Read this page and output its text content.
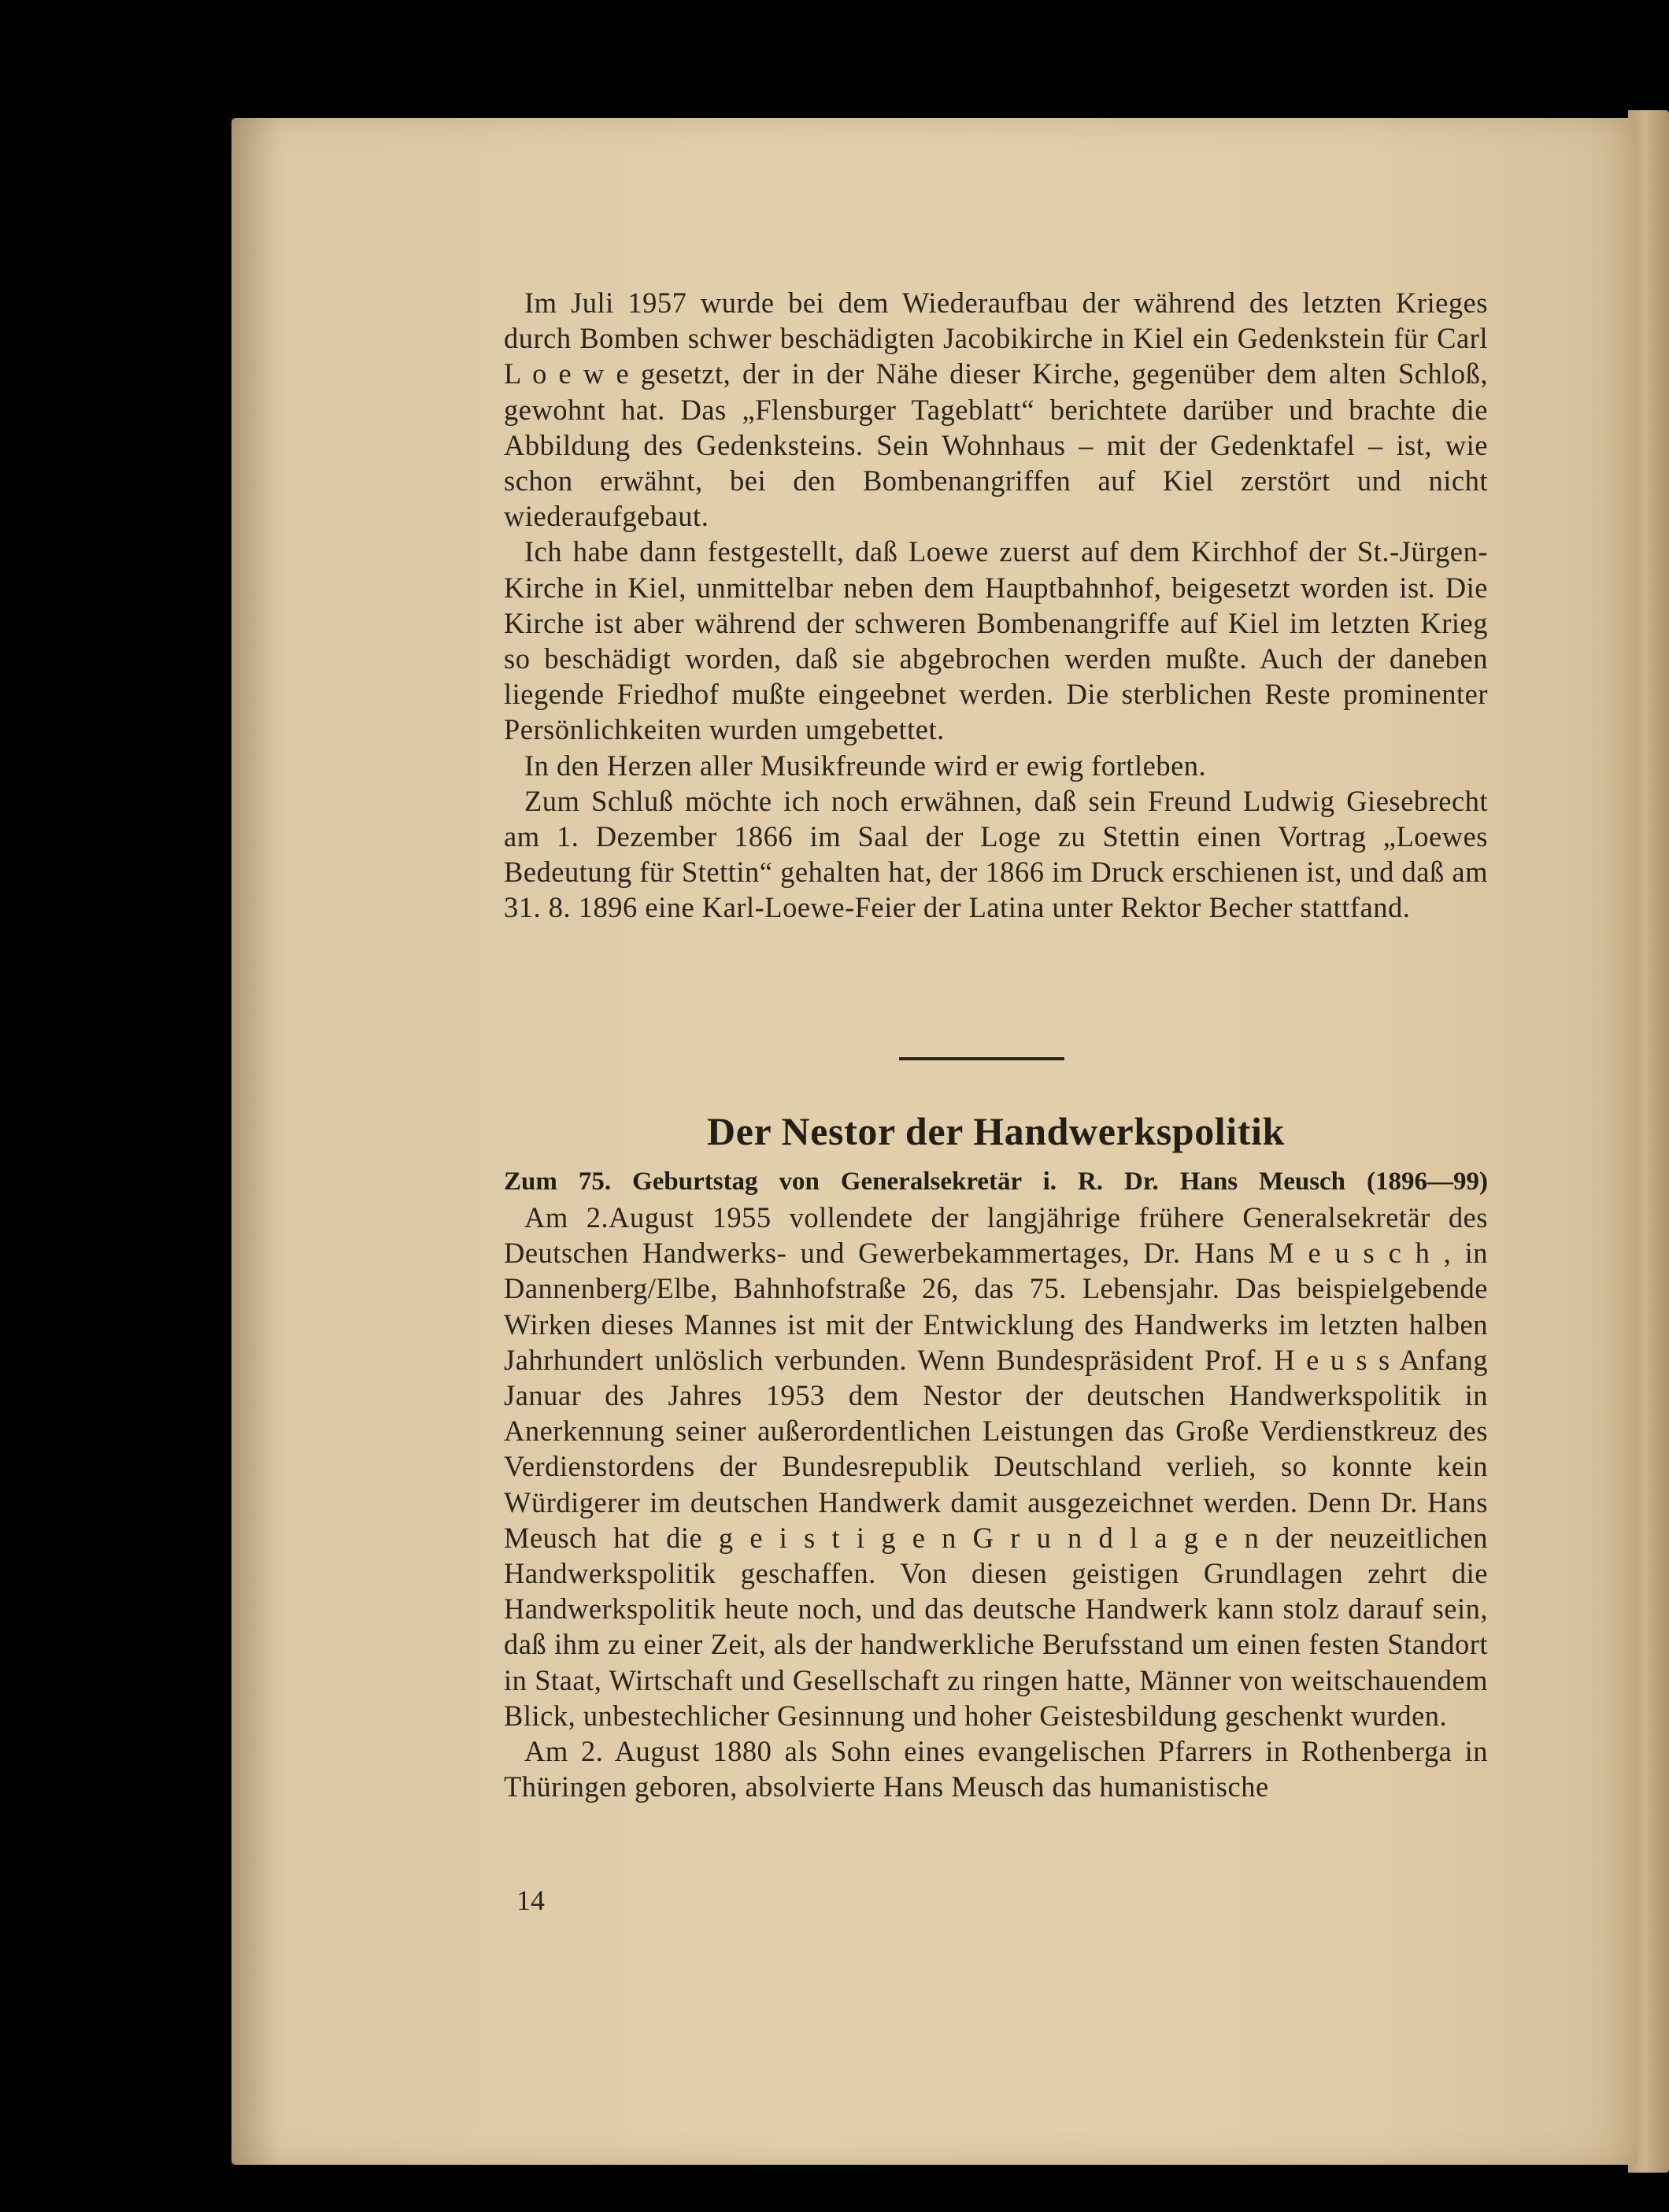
Im Juli 1957 wurde bei dem Wiederaufbau der während des letzten Krieges durch Bomben schwer beschädigten Jacobikirche in Kiel ein Gedenkstein für Carl L o e w e gesetzt, der in der Nähe dieser Kirche, gegenüber dem alten Schloß, gewohnt hat. Das „Flensburger Tageblatt“ berichtete darüber und brachte die Abbildung des Gedenksteins. Sein Wohnhaus – mit der Gedenktafel – ist, wie schon erwähnt, bei den Bombenangriffen auf Kiel zerstört und nicht wiederaufgebaut.

Ich habe dann festgestellt, daß Loewe zuerst auf dem Kirchhof der St.-Jürgen-Kirche in Kiel, unmittelbar neben dem Hauptbahnhof, beigesetzt worden ist. Die Kirche ist aber während der schweren Bombenangriffe auf Kiel im letzten Krieg so beschädigt worden, daß sie abgebrochen werden mußte. Auch der daneben liegende Friedhof mußte eingeebnet werden. Die sterblichen Reste prominenter Persönlichkeiten wurden umgebettet.

In den Herzen aller Musikfreunde wird er ewig fortleben.

Zum Schluß möchte ich noch erwähnen, daß sein Freund Ludwig Giesebrecht am 1. Dezember 1866 im Saal der Loge zu Stettin einen Vortrag „Loewes Bedeutung für Stettin“ gehalten hat, der 1866 im Druck erschienen ist, und daß am 31. 8. 1896 eine Karl-Loewe-Feier der Latina unter Rektor Becher stattfand.

Der Nestor der Handwerkspolitik
Zum 75. Geburtstag von Generalsekretär i. R. Dr. Hans Meusch (1896—99)

Am 2.August 1955 vollendete der langjährige frühere Generalsekretär des Deutschen Handwerks- und Gewerbekammertages, Dr. Hans M e u s c h , in Dannenberg/Elbe, Bahnhofstraße 26, das 75. Lebensjahr. Das beispielgebende Wirken dieses Mannes ist mit der Entwicklung des Handwerks im letzten halben Jahrhundert unlöslich verbunden. Wenn Bundespräsident Prof. H e u s s Anfang Januar des Jahres 1953 dem Nestor der deutschen Handwerkspolitik in Anerkennung seiner außerordentlichen Leistungen das Große Verdienstkreuz des Verdienstordens der Bundesrepublik Deutschland verlieh, so konnte kein Würdigerer im deutschen Handwerk damit ausgezeichnet werden. Denn Dr. Hans Meusch hat die g e i s t i g e n G r u n d l a g e n der neuzeitlichen Handwerkspolitik geschaffen. Von diesen geistigen Grundlagen zehrt die Handwerkspolitik heute noch, und das deutsche Handwerk kann stolz darauf sein, daß ihm zu einer Zeit, als der handwerkliche Berufsstand um einen festen Standort in Staat, Wirtschaft und Gesellschaft zu ringen hatte, Männer von weitschauendem Blick, unbestechlicher Gesinnung und hoher Geistesbildung geschenkt wurden.

Am 2. August 1880 als Sohn eines evangelischen Pfarrers in Rothenberga in Thüringen geboren, absolvierte Hans Meusch das humanistische

14
